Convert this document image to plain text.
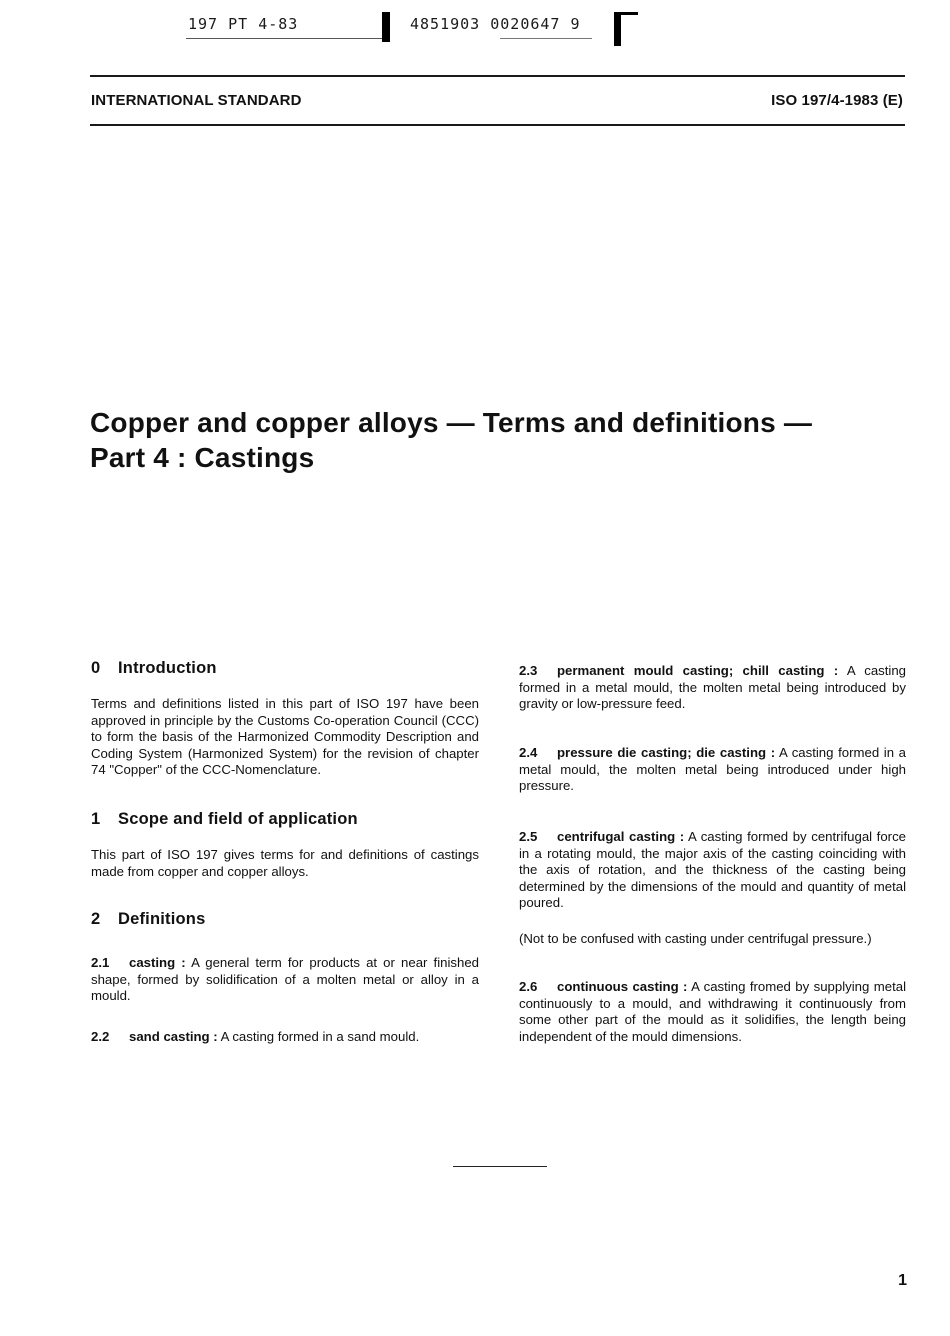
197 PT 4-83	4851903 0020647 9
INTERNATIONAL STANDARD	ISO 197/4-1983 (E)
Copper and copper alloys — Terms and definitions —
Part 4 : Castings
0 Introduction
Terms and definitions listed in this part of ISO 197 have been approved in principle by the Customs Co-operation Council (CCC) to form the basis of the Harmonized Commodity Description and Coding System (Harmonized System) for the revision of chapter 74 "Copper" of the CCC-Nomenclature.
1 Scope and field of application
This part of ISO 197 gives terms for and definitions of castings made from copper and copper alloys.
2 Definitions
2.1 casting : A general term for products at or near finished shape, formed by solidification of a molten metal or alloy in a mould.
2.2 sand casting : A casting formed in a sand mould.
2.3 permanent mould casting; chill casting : A casting formed in a metal mould, the molten metal being introduced by gravity or low-pressure feed.
2.4 pressure die casting; die casting : A casting formed in a metal mould, the molten metal being introduced under high pressure.
2.5 centrifugal casting : A casting formed by centrifugal force in a rotating mould, the major axis of the casting coinciding with the axis of rotation, and the thickness of the casting being determined by the dimensions of the mould and quantity of metal poured.
(Not to be confused with casting under centrifugal pressure.)
2.6 continuous casting : A casting fromed by supplying metal continuously to a mould, and withdrawing it continuously from some other part of the mould as it solidifies, the length being independent of the mould dimensions.
1
